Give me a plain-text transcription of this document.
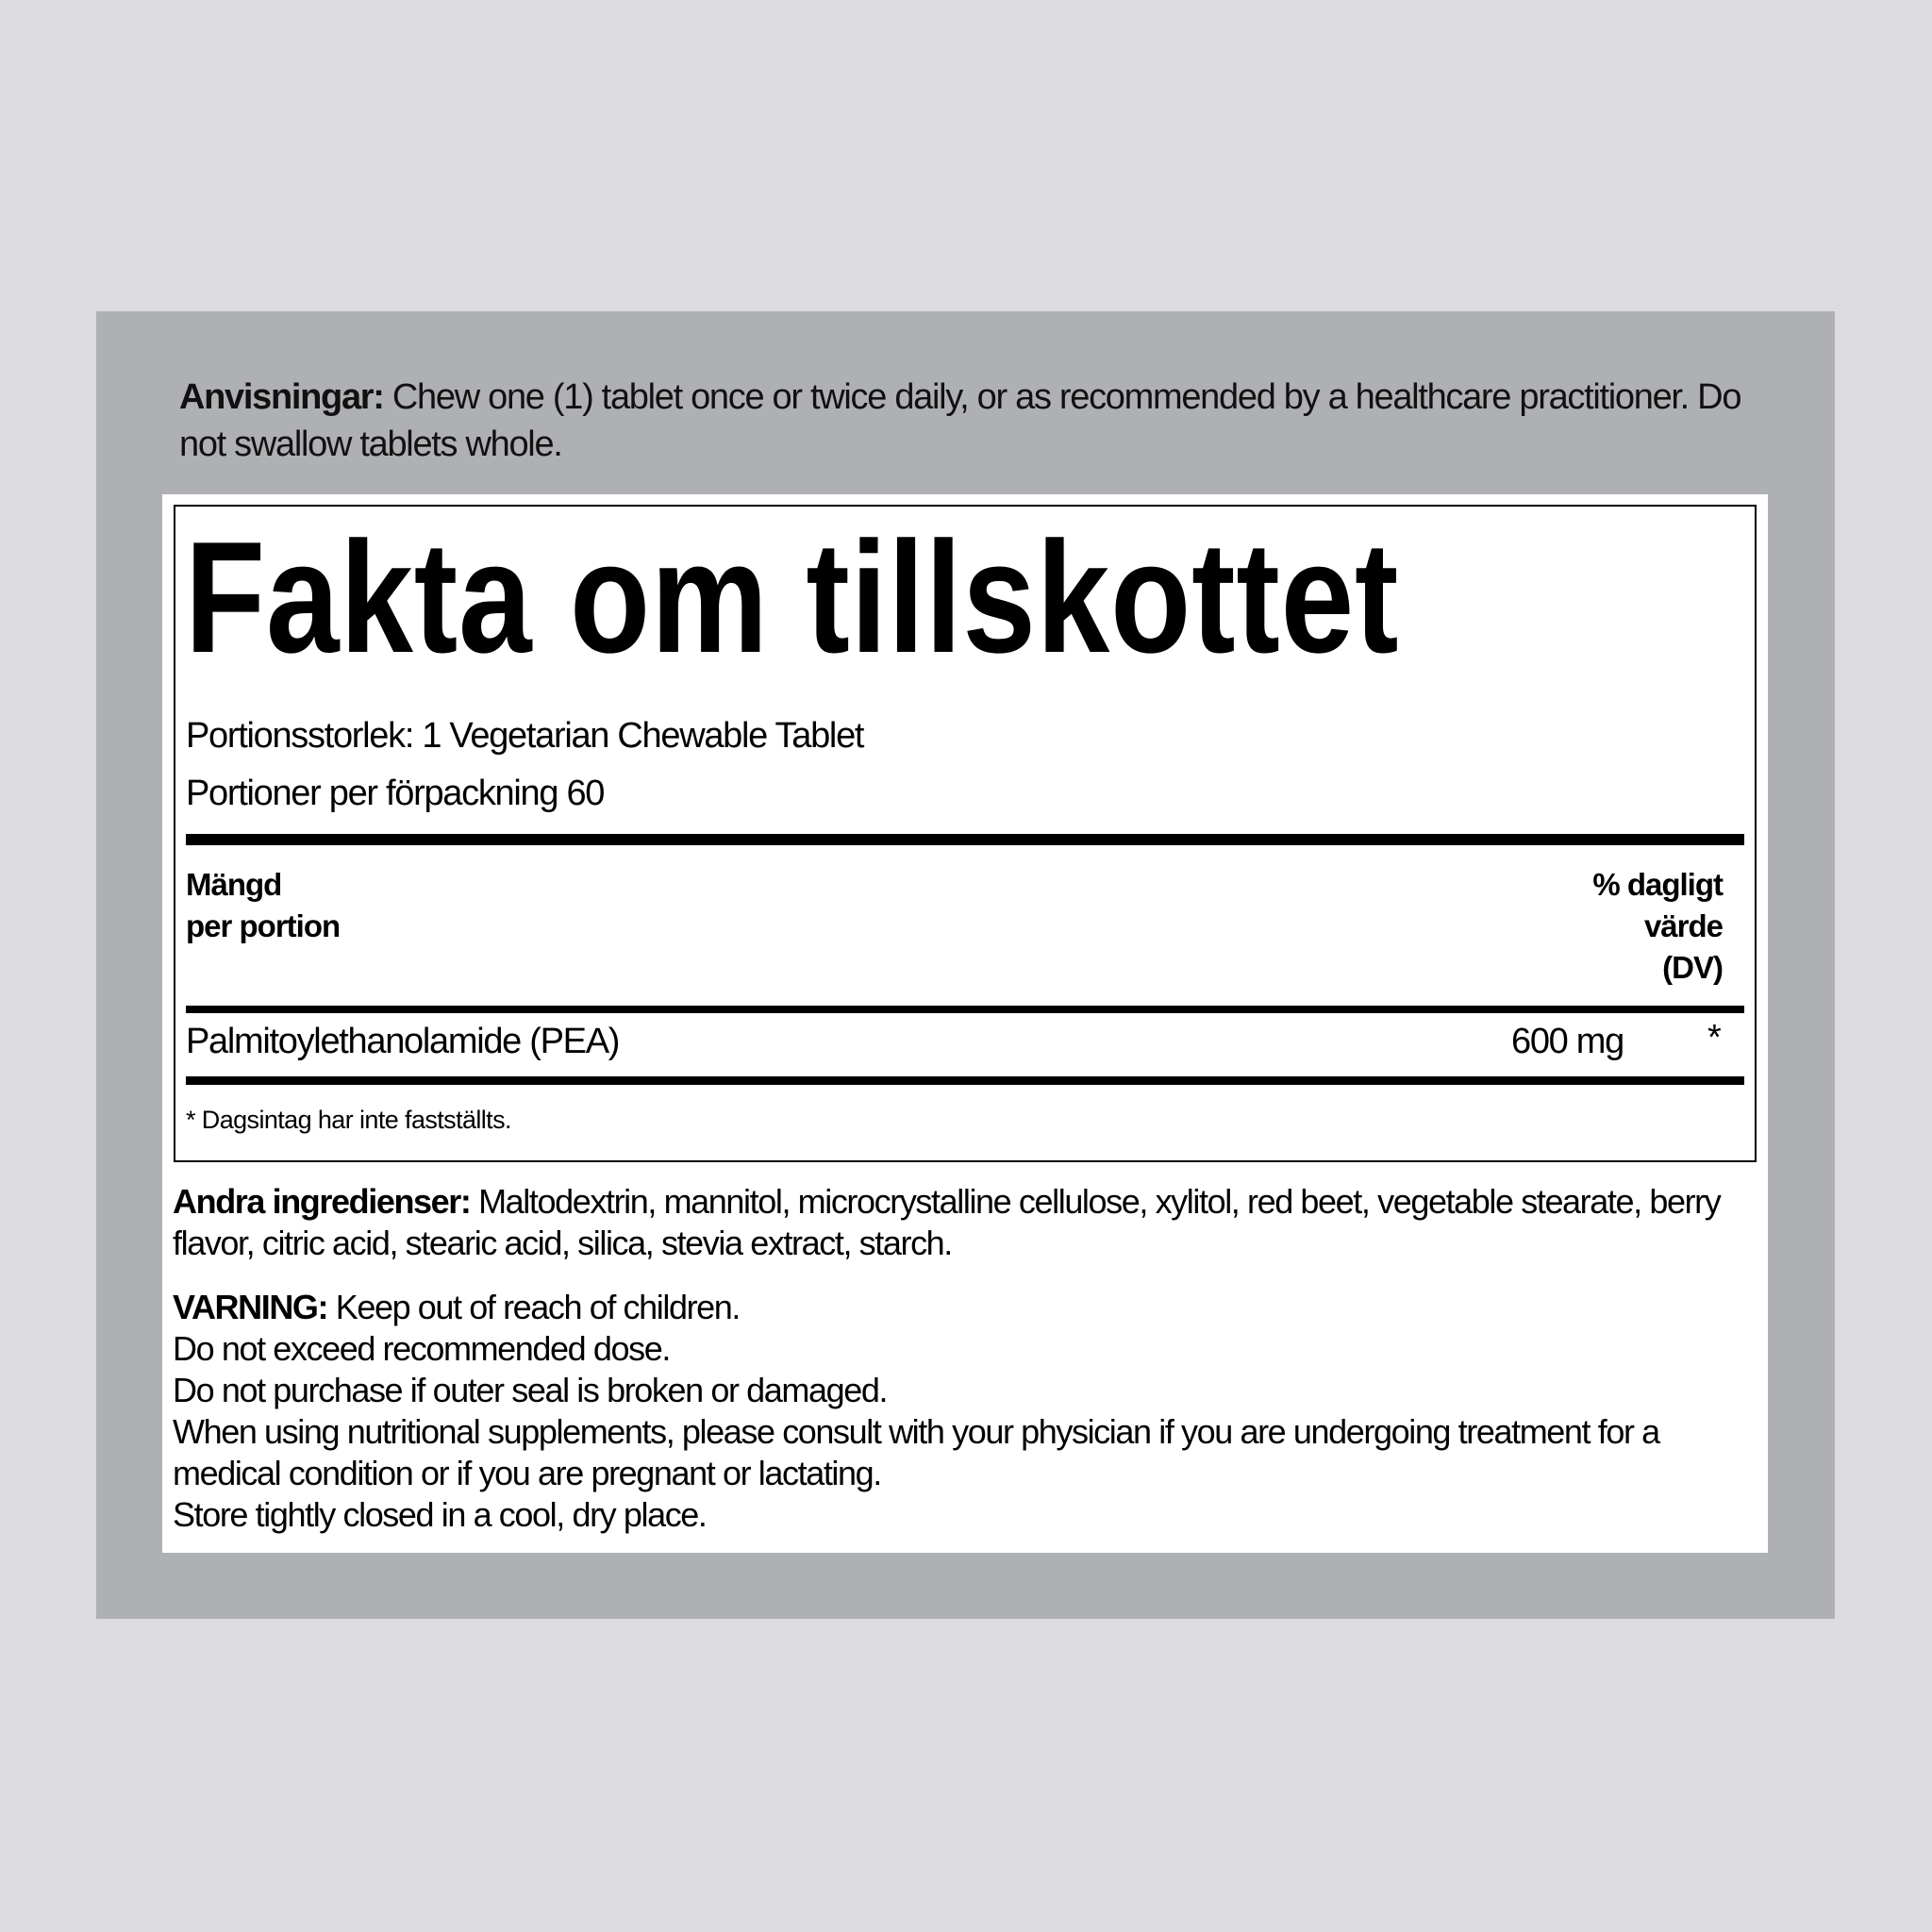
Anvisningar: Chew one (1) tablet once or twice daily, or as recommended by a healthcare practitioner. Do not swallow tablets whole.
Fakta om tillskottet
Portionsstorlek: 1 Vegetarian Chewable Tablet
Portioner per förpackning 60
Mängd
per portion
% dagligt
värde
(DV)
Palmitoylethanolamide (PEA)	600 mg *
* Dagsintag har inte fastställts.
Andra ingredienser: Maltodextrin, mannitol, microcrystalline cellulose, xylitol, red beet, vegetable stearate, berry flavor, citric acid, stearic acid, silica, stevia extract, starch.
VARNING: Keep out of reach of children.
Do not exceed recommended dose.
Do not purchase if outer seal is broken or damaged.
When using nutritional supplements, please consult with your physician if you are undergoing treatment for a medical condition or if you are pregnant or lactating.
Store tightly closed in a cool, dry place.
